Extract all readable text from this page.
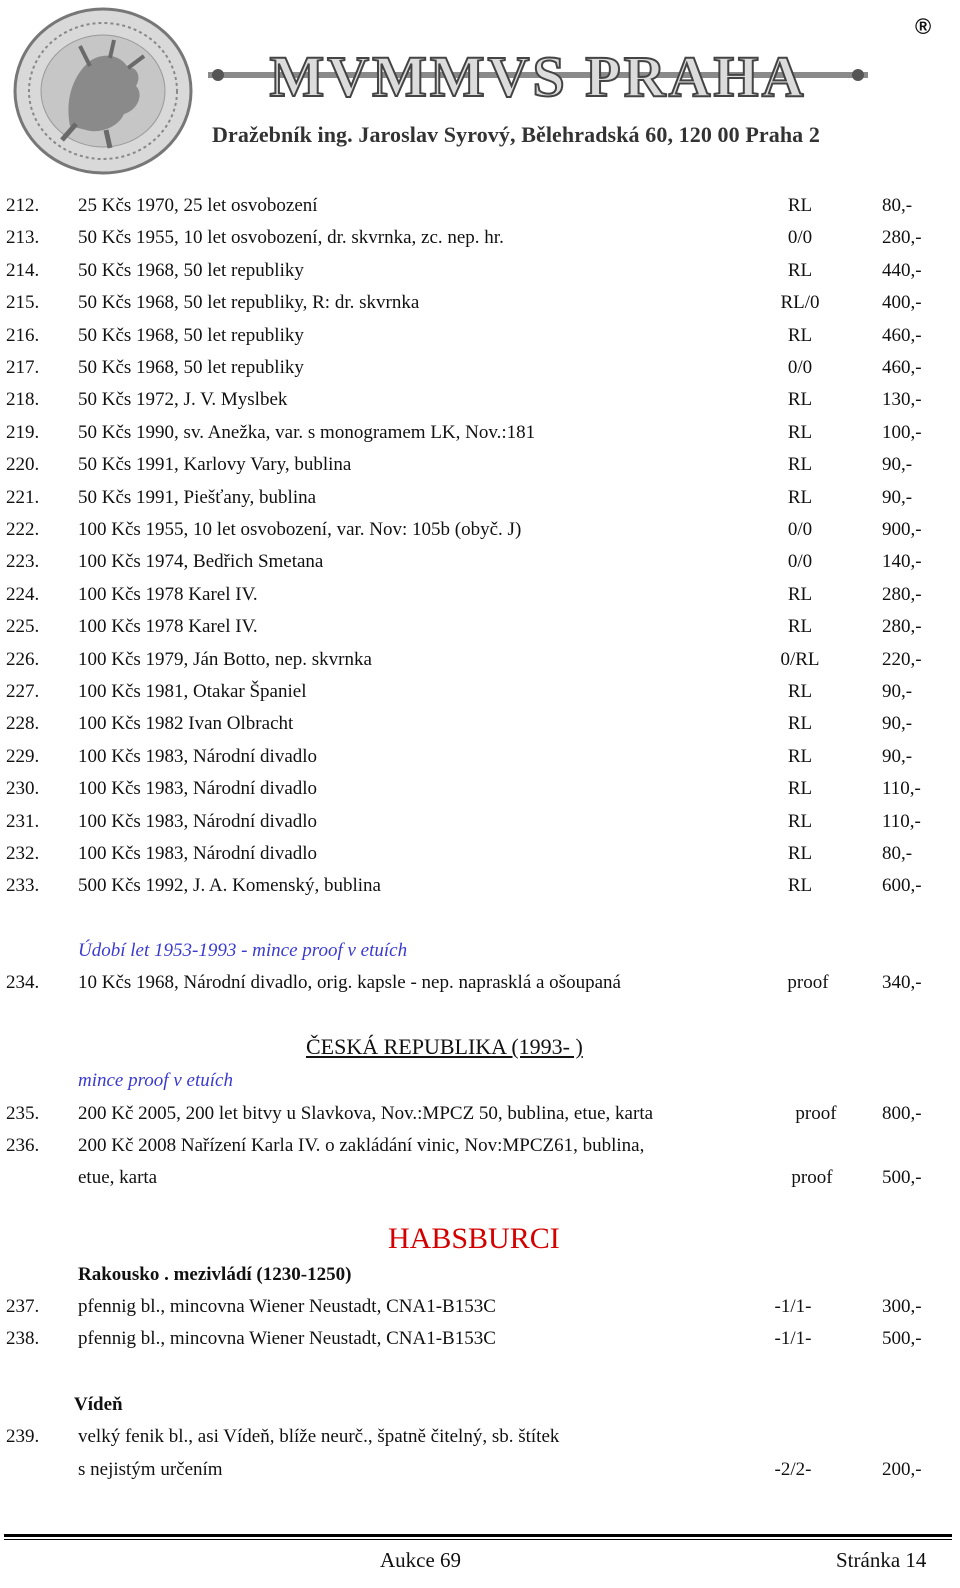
MVMMVS PRAHA
®
Dražebník ing. Jaroslav Syrový, Bělehradská 60, 120 00 Praha 2
212. 25 Kčs 1970, 25 let osvobození	RL	80,-
213. 50 Kčs 1955, 10 let osvobození, dr. skvrnka, zc. nep. hr.	0/0	280,-
214. 50 Kčs 1968, 50 let republiky	RL	440,-
215. 50 Kčs 1968, 50 let republiky, R: dr. skvrnka	RL/0	400,-
216. 50 Kčs 1968, 50 let republiky	RL	460,-
217. 50 Kčs 1968, 50 let republiky	0/0	460,-
218. 50 Kčs 1972, J. V. Myslbek	RL	130,-
219. 50 Kčs 1990, sv. Anežka, var. s monogramem LK, Nov.:181	RL	100,-
220. 50 Kčs 1991, Karlovy Vary, bublina	RL	90,-
221. 50 Kčs 1991, Piešťany, bublina	RL	90,-
222. 100 Kčs 1955, 10 let osvobození, var. Nov: 105b (obyč. J)	0/0	900,-
223. 100 Kčs 1974, Bedřich Smetana	0/0	140,-
224. 100 Kčs 1978 Karel IV.	RL	280,-
225. 100 Kčs 1978 Karel IV.	RL	280,-
226. 100 Kčs 1979, Ján Botto, nep. skvrnka	0/RL	220,-
227. 100 Kčs 1981, Otakar Španiel	RL	90,-
228. 100 Kčs 1982 Ivan Olbracht	RL	90,-
229. 100 Kčs 1983, Národní divadlo	RL	90,-
230. 100 Kčs 1983, Národní divadlo	RL	110,-
231. 100 Kčs 1983, Národní divadlo	RL	110,-
232. 100 Kčs 1983, Národní divadlo	RL	80,-
233. 500 Kčs 1992, J. A. Komenský, bublina	RL	600,-
Údobí let 1953-1993 - mince proof v etuích
234. 10 Kčs 1968, Národní divadlo, orig. kapsle - nep. naprasklá a ošoupaná	proof	340,-
ČESKÁ REPUBLIKA (1993- )
mince proof v etuích
235. 200 Kč 2005, 200 let bitvy u Slavkova, Nov.:MPCZ 50, bublina, etue, karta	proof	800,-
236. 200 Kč 2008 Nařízení Karla IV. o zakládání vinic, Nov:MPCZ61, bublina,
etue, karta	proof	500,-
HABSBURCI
Rakousko . mezivládí (1230-1250)
237. pfennig bl., mincovna Wiener Neustadt, CNA1-B153C	-1/1-	300,-
238. pfennig bl., mincovna Wiener Neustadt, CNA1-B153C	-1/1-	500,-
Vídeň
239. velký fenik bl., asi Vídeň, blíže neurč., špatně čitelný, sb. štítek
s nejistým určením	-2/2-	200,-
Aukce 69	Stránka 14
